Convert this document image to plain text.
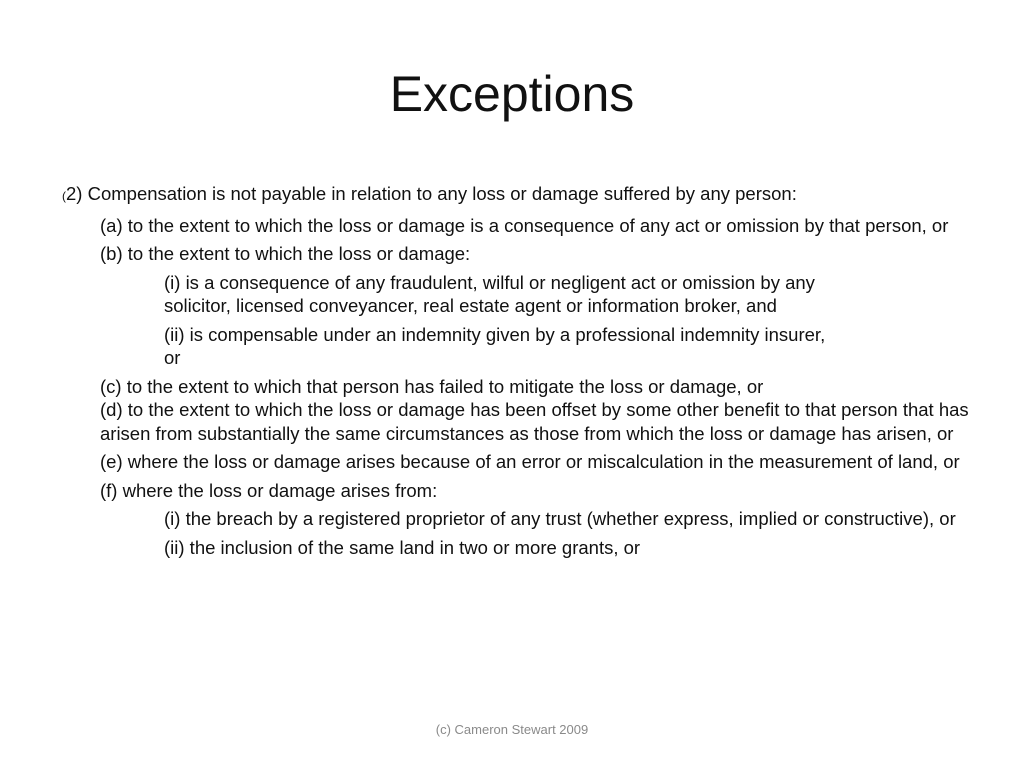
Exceptions

(2) Compensation is not payable in relation to any loss or damage suffered by any person:

(a) to the extent to which the loss or damage is a consequence of any act or omission by that person, or

(b) to the extent to which the loss or damage:

(i) is a consequence of any fraudulent, wilful or negligent act or omission by any solicitor, licensed conveyancer, real estate agent or information broker, and

(ii) is compensable under an indemnity given by a professional indemnity insurer, or

(c) to the extent to which that person has failed to mitigate the loss or damage, or

(d) to the extent to which the loss or damage has been offset by some other benefit to that person that has arisen from substantially the same circumstances as those from which the loss or damage has arisen, or

(e) where the loss or damage arises because of an error or miscalculation in the measurement of land, or

(f) where the loss or damage arises from:

(i) the breach by a registered proprietor of any trust (whether express, implied or constructive), or

(ii) the inclusion of the same land in two or more grants, or

(c) Cameron Stewart 2009
